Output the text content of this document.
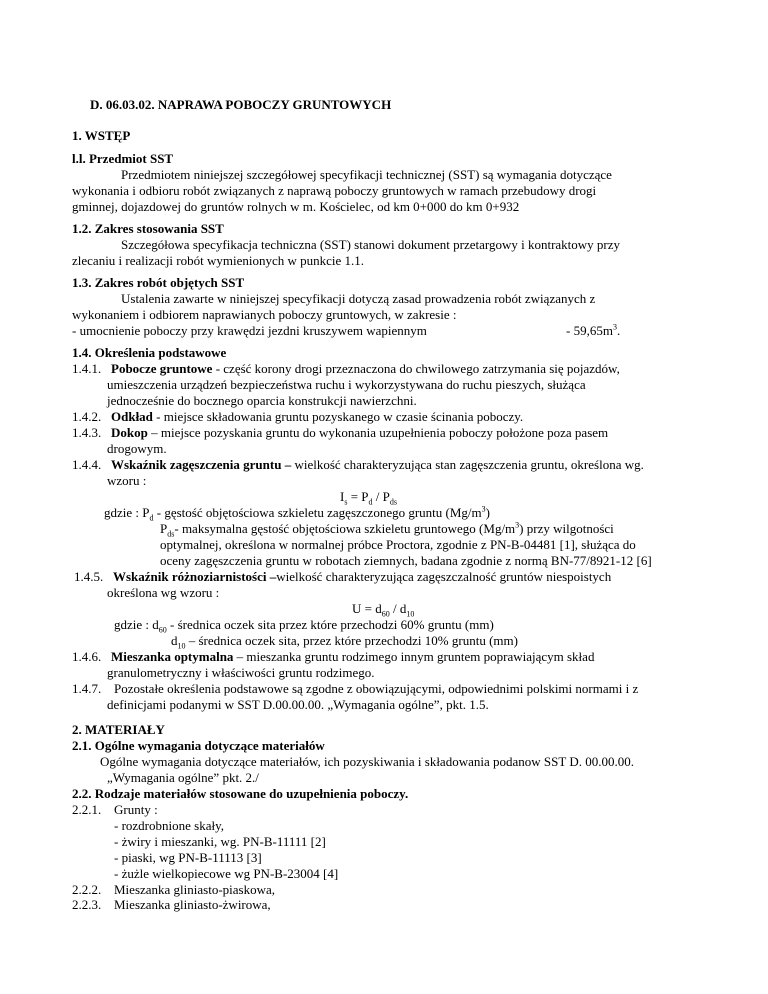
D. 06.03.02. NAPRAWA POBOCZY GRUNTOWYCH
1. WSTĘP
l.l. Przedmiot SST
Przedmiotem niniejszej szczegółowej specyfikacji technicznej (SST) są wymagania dotyczące
wykonania i odbioru robót związanych z naprawą poboczy gruntowych w ramach przebudowy drogi
gminnej, dojazdowej do gruntów rolnych w m. Kościelec, od km 0+000 do km 0+932
1.2. Zakres stosowania SST
Szczegółowa specyfikacja techniczna (SST) stanowi dokument przetargowy i kontraktowy przy
zlecaniu i realizacji robót wymienionych w punkcie 1.1.
1.3. Zakres robót objętych SST
Ustalenia zawarte w niniejszej specyfikacji dotyczą zasad prowadzenia robót związanych z
wykonaniem i odbiorem naprawianych poboczy gruntowych, w zakresie :
- umocnienie poboczy przy krawędzi jezdni kruszywem wapiennym	- $59,65m^3$.
1.4. Określenia podstawowe
1.4.1. Pobocze gruntowe - część korony drogi przeznaczona do chwilowego zatrzymania się pojazdów,
umieszczenia urządzeń bezpieczeństwa ruchu i wykorzystywana do ruchu pieszych, służąca
jednocześnie do bocznego oparcia konstrukcji nawierzchni.
1.4.2. Odkład - miejsce składowania gruntu pozyskanego w czasie ścinania poboczy.
1.4.3. Dokop – miejsce pozyskania gruntu do wykonania uzupełnienia poboczy położone poza pasem
drogowym.
1.4.4. Wskaźnik zagęszczenia gruntu – wielkość charakteryzująca stan zagęszczenia gruntu, określona wg.
wzoru :
$I_s = P_d / P_{ds}$
gdzie : $P_d$ - gęstość objętościowa szkieletu zagęszczonego gruntu $(Mg/m^3)$
$P_{ds}-$ maksymalna gęstość objętościowa szkieletu gruntowego $(Mg/m^3)$ przy wilgotności
optymalnej, określona w normalnej próbce Proctora, zgodnie z PN-B-04481 [1], służąca do
oceny zagęszczenia gruntu w robotach ziemnych, badana zgodnie z normą BN-77/8921-12 [6]
1.4.5. Wskaźnik różnoziarnistości –wielkość charakteryzująca zagęszczalność gruntów niespoistych
określona wg wzoru :
$U = d_{60} / d_{10}$
gdzie : $d_{60}$ - średnica oczek sita przez które przechodzi 60% gruntu (mm)
$d_{10}$ – średnica oczek sita, przez które przechodzi 10% gruntu (mm)
1.4.6. Mieszanka optymalna – mieszanka gruntu rodzimego innym gruntem poprawiającym skład
granulometryczny i właściwości gruntu rodzimego.
1.4.7. Pozostałe określenia podstawowe są zgodne z obowiązującymi, odpowiednimi polskimi normami i z
definicjami podanymi w SST D.00.00.00. „Wymagania ogólne”, pkt. 1.5.
2. MATERIAŁY
2.1. Ogólne wymagania dotyczące materiałów
Ogólne wymagania dotyczące materiałów, ich pozyskiwania i składowania podanow SST D. 00.00.00.
„Wymagania ogólne” pkt. 2./
2.2. Rodzaje materiałów stosowane do uzupełnienia poboczy.
2.2.1. Grunty :
- rozdrobnione skały,
- żwiry i mieszanki, wg. PN-B-11111 [2]
- piaski, wg PN-B-11113 [3]
- żużle wielkopiecowe wg PN-B-23004 [4]
2.2.2. Mieszanka gliniasto-piaskowa,
2.2.3. Mieszanka gliniasto-żwirowa,
